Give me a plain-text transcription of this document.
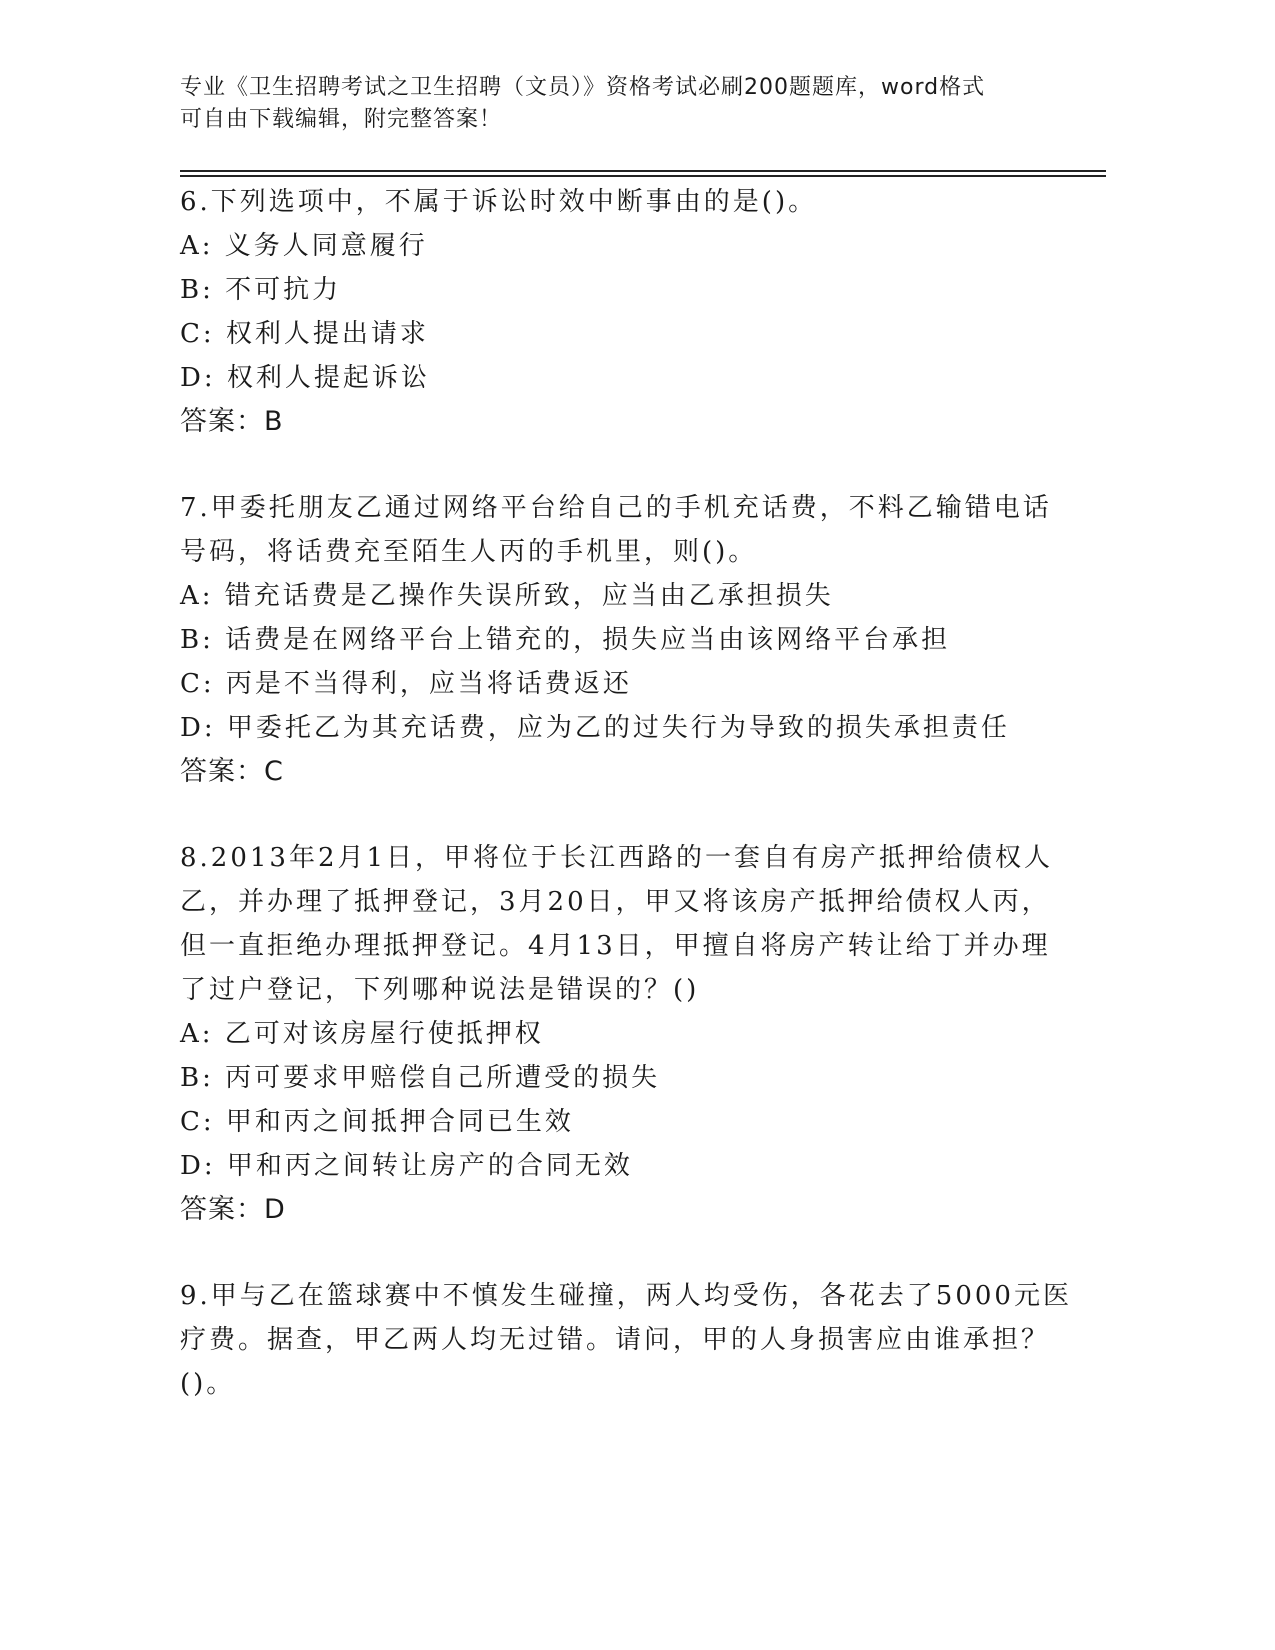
专业《卫生招聘考试之卫生招聘（文员）》资格考试必刷200题题库，word格式
可自由下载编辑，附完整答案！
6.下列选项中，不属于诉讼时效中断事由的是()。
A: 义务人同意履行
B: 不可抗力
C: 权利人提出请求
D: 权利人提起诉讼
答案：B
7.甲委托朋友乙通过网络平台给自己的手机充话费，不料乙输错电话
号码，将话费充至陌生人丙的手机里，则()。
A: 错充话费是乙操作失误所致，应当由乙承担损失
B: 话费是在网络平台上错充的，损失应当由该网络平台承担
C: 丙是不当得利，应当将话费返还
D: 甲委托乙为其充话费，应为乙的过失行为导致的损失承担责任
答案：C
8.2013年2月1日，甲将位于长江西路的一套自有房产抵押给债权人
乙，并办理了抵押登记，3月20日，甲又将该房产抵押给债权人丙，
但一直拒绝办理抵押登记。4月13日，甲擅自将房产转让给丁并办理
了过户登记，下列哪种说法是错误的？()
A: 乙可对该房屋行使抵押权
B: 丙可要求甲赔偿自己所遭受的损失
C: 甲和丙之间抵押合同已生效
D: 甲和丙之间转让房产的合同无效
答案：D
9.甲与乙在篮球赛中不慎发生碰撞，两人均受伤，各花去了5000元医
疗费。据查，甲乙两人均无过错。请问，甲的人身损害应由谁承担？
()。
